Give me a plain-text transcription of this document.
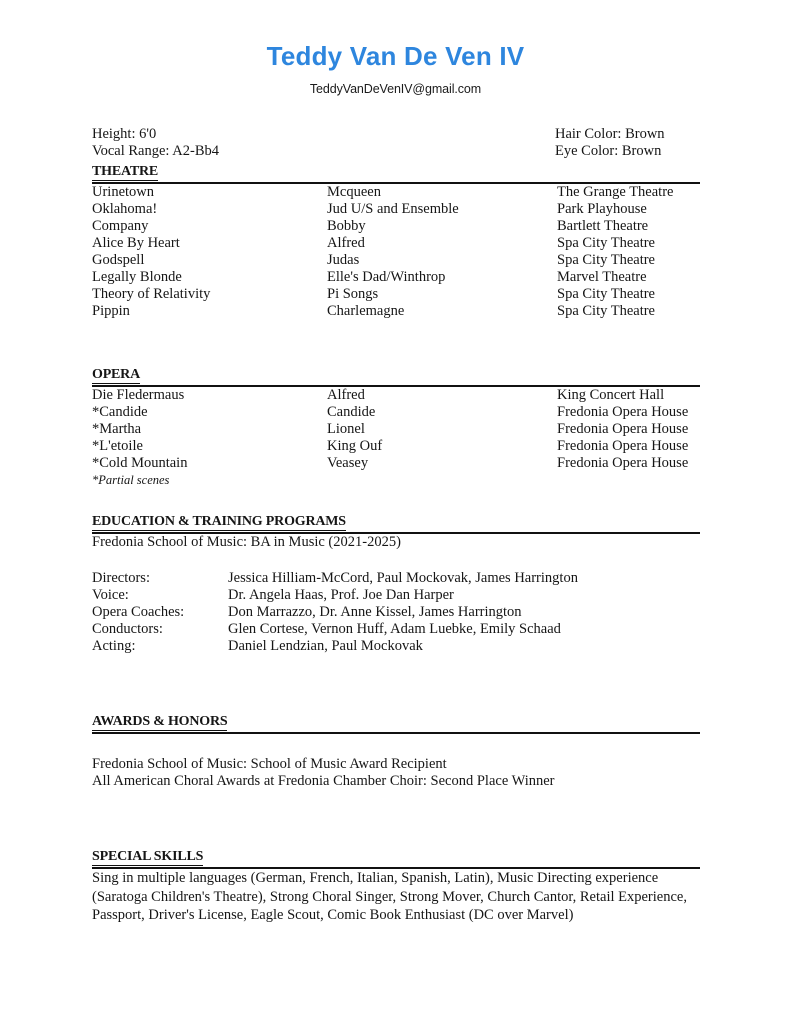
Teddy Van De Ven IV
TeddyVanDeVenIV@gmail.com
Height: 6'0	Hair Color: Brown
Vocal Range: A2-Bb4	Eye Color: Brown
THEATRE
Urinetown	Mcqueen	The Grange Theatre
Oklahoma!	Jud U/S and Ensemble	Park Playhouse
Company	Bobby	Bartlett Theatre
Alice By Heart	Alfred	Spa City Theatre
Godspell	Judas	Spa City Theatre
Legally Blonde	Elle's Dad/Winthrop	Marvel Theatre
Theory of Relativity	Pi Songs	Spa City Theatre
Pippin	Charlemagne	Spa City Theatre
OPERA
Die Fledermaus	Alfred	King Concert Hall
*Candide	Candide	Fredonia Opera House
*Martha	Lionel	Fredonia Opera House
*L'etoile	King Ouf	Fredonia Opera House
*Cold Mountain	Veasey	Fredonia Opera House
*Partial scenes
EDUCATION & TRAINING PROGRAMS
Fredonia School of Music: BA in Music (2021-2025)
Directors:	Jessica Hilliam-McCord, Paul Mockovak, James Harrington
Voice:	Dr. Angela Haas, Prof. Joe Dan Harper
Opera Coaches:	Don Marrazzo, Dr. Anne Kissel, James Harrington
Conductors:	Glen Cortese, Vernon Huff, Adam Luebke, Emily Schaad
Acting:	Daniel Lendzian, Paul Mockovak
AWARDS & HONORS
Fredonia School of Music: School of Music Award Recipient
All American Choral Awards at Fredonia Chamber Choir: Second Place Winner
SPECIAL SKILLS
Sing in multiple languages (German, French, Italian, Spanish, Latin), Music Directing experience (Saratoga Children's Theatre), Strong Choral Singer, Strong Mover, Church Cantor, Retail Experience, Passport, Driver's License, Eagle Scout, Comic Book Enthusiast (DC over Marvel)
